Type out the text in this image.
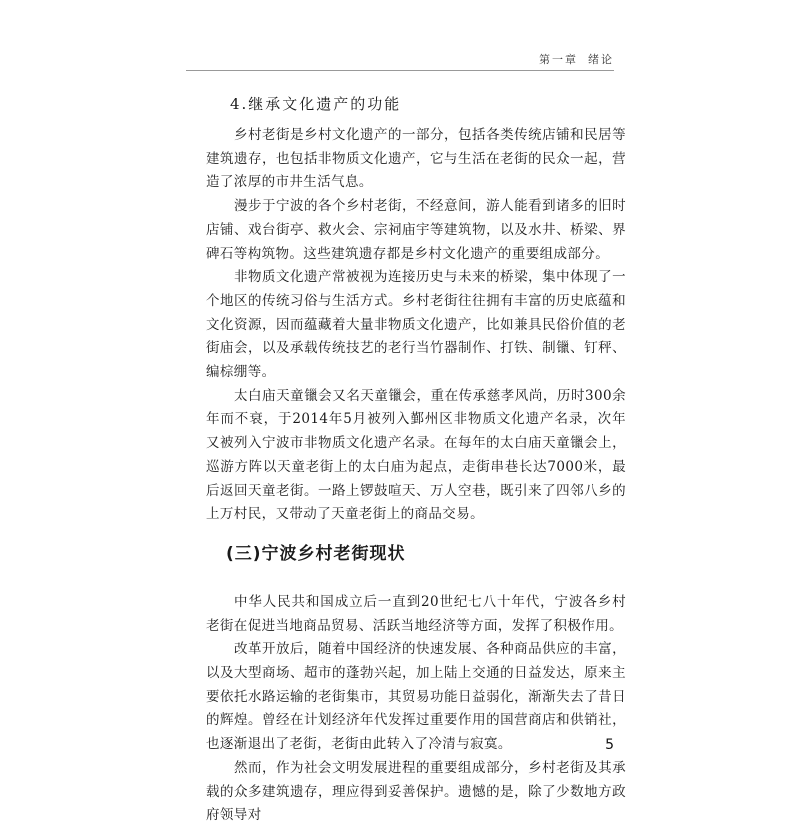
第一章 绪论
4.继承文化遗产的功能

乡村老街是乡村文化遗产的一部分，包括各类传统店铺和民居等建筑遗存，也包括非物质文化遗产，它与生活在老街的民众一起，营造了浓厚的市井生活气息。

漫步于宁波的各个乡村老街，不经意间，游人能看到诸多的旧时店铺、戏台街亭、救火会、宗祠庙宇等建筑物，以及水井、桥梁、界碑石等构筑物。这些建筑遗存都是乡村文化遗产的重要组成部分。

非物质文化遗产常被视为连接历史与未来的桥梁，集中体现了一个地区的传统习俗与生活方式。乡村老街往往拥有丰富的历史底蕴和文化资源，因而蕴藏着大量非物质文化遗产，比如兼具民俗价值的老街庙会，以及承载传统技艺的老行当竹器制作、打铁、制镴、钉秤、编棕绷等。

太白庙天童镴会又名天童镴会，重在传承慈孝风尚，历时300余年而不衰，于2014年5月被列入鄞州区非物质文化遗产名录，次年又被列入宁波市非物质文化遗产名录。在每年的太白庙天童镴会上，巡游方阵以天童老街上的太白庙为起点，走街串巷长达7000米，最后返回天童老街。一路上锣鼓喧天、万人空巷，既引来了四邻八乡的上万村民，又带动了天童老街上的商品交易。

(三)宁波乡村老街现状

中华人民共和国成立后一直到20世纪七八十年代，宁波各乡村老街在促进当地商品贸易、活跃当地经济等方面，发挥了积极作用。

改革开放后，随着中国经济的快速发展、各种商品供应的丰富，以及大型商场、超市的蓬勃兴起，加上陆上交通的日益发达，原来主要依托水路运输的老街集市，其贸易功能日益弱化，渐渐失去了昔日的辉煌。曾经在计划经济年代发挥过重要作用的国营商店和供销社，也逐渐退出了老街，老街由此转入了冷清与寂寞。

然而，作为社会文明发展进程的重要组成部分，乡村老街及其承载的众多建筑遗存，理应得到妥善保护。遗憾的是，除了少数地方政府领导对

5
